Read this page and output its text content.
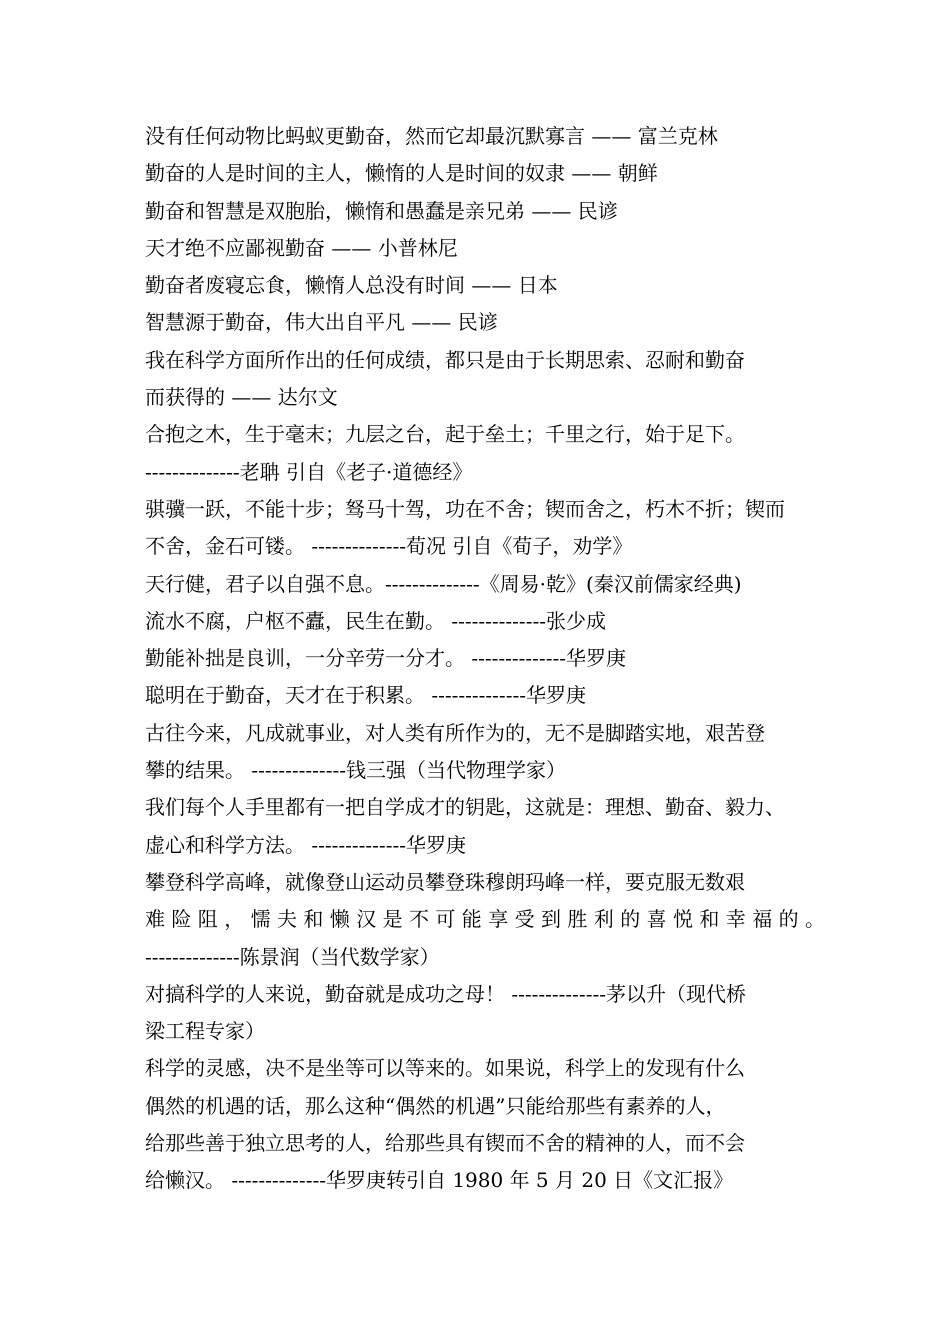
没有任何动物比蚂蚁更勤奋，然而它却最沉默寡言 —— 富兰克林
勤奋的人是时间的主人，懒惰的人是时间的奴隶 —— 朝鲜
勤奋和智慧是双胞胎，懒惰和愚蠢是亲兄弟 —— 民谚
天才绝不应鄙视勤奋 —— 小普林尼
勤奋者废寝忘食，懒惰人总没有时间 —— 日本
智慧源于勤奋，伟大出自平凡 —— 民谚
我在科学方面所作出的任何成绩，都只是由于长期思索、忍耐和勤奋
而获得的 —— 达尔文
合抱之木，生于毫末；九层之台，起于垒土；千里之行，始于足下。
--------------老聃 引自《老子·道德经》
骐骥一跃，不能十步；驽马十驾，功在不舍；锲而舍之，朽木不折；锲而
不舍，金石可镂。 --------------荀况 引自《荀子，劝学》
天行健，君子以自强不息。--------------《周易·乾》(秦汉前儒家经典)
流水不腐，户枢不蠹，民生在勤。 --------------张少成
勤能补拙是良训，一分辛劳一分才。 --------------华罗庚
聪明在于勤奋，天才在于积累。 --------------华罗庚
古往今来，凡成就事业，对人类有所作为的，无不是脚踏实地，艰苦登
攀的结果。 --------------钱三强（当代物理学家）
我们每个人手里都有一把自学成才的钥匙，这就是：理想、勤奋、毅力、
虚心和科学方法。 --------------华罗庚
攀登科学高峰，就像登山运动员攀登珠穆朗玛峰一样，要克服无数艰
难险阻，懦夫和懒汉是不可能享受到胜利的喜悦和幸福的。
--------------陈景润（当代数学家）
对搞科学的人来说，勤奋就是成功之母！ --------------茅以升（现代桥
梁工程专家）
科学的灵感，决不是坐等可以等来的。如果说，科学上的发现有什么
偶然的机遇的话，那么这种“偶然的机遇”只能给那些有素养的人，
给那些善于独立思考的人，给那些具有锲而不舍的精神的人，而不会
给懒汉。 --------------华罗庚转引自 1980 年 5 月 20 日《文汇报》
